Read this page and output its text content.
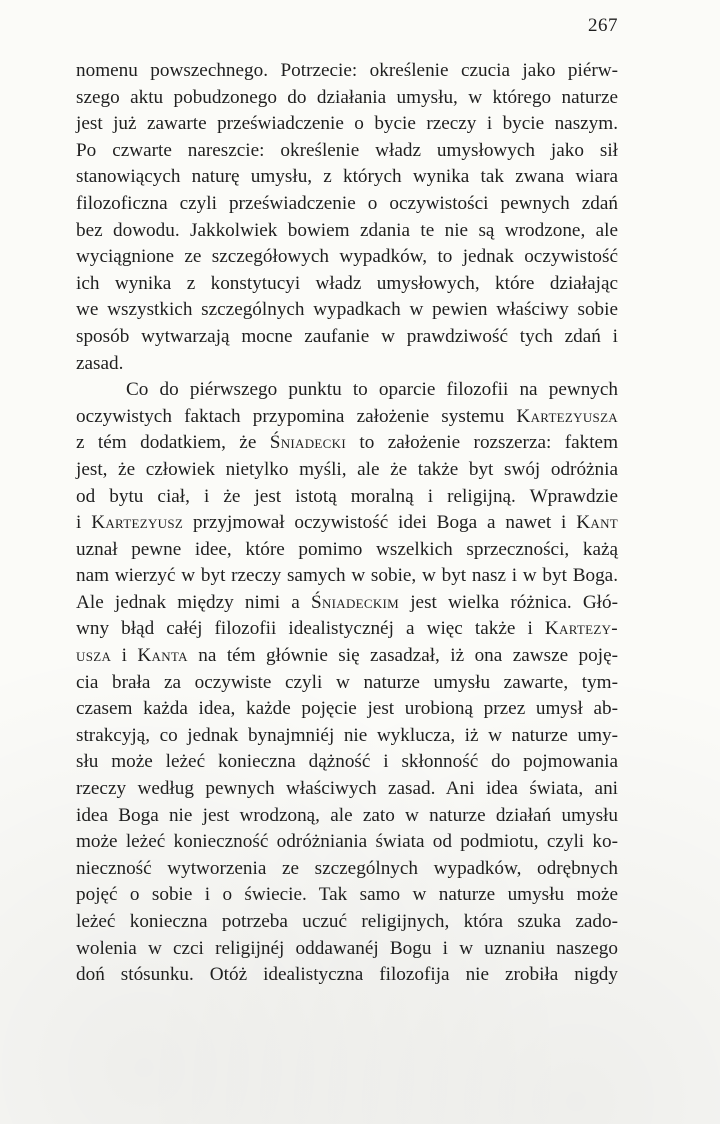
267
nomenu powszechnego. Potrzecie: określenie czucia jako piérw-
szego aktu pobudzonego do działania umysłu, w którego naturze
jest już zawarte przeświadczenie o bycie rzeczy i bycie naszym.
Po czwarte nareszcie: określenie władz umysłowych jako sił
stanowiących naturę umysłu, z których wynika tak zwana wiara
filozoficzna czyli przeświadczenie o oczywistości pewnych zdań
bez dowodu. Jakkolwiek bowiem zdania te nie są wrodzone, ale
wyciągnione ze szczegółowych wypadków, to jednak oczywistość
ich wynika z konstytucyi władz umysłowych, które działając
we wszystkich szczególnych wypadkach w pewien właściwy sobie
sposób wytwarzają mocne zaufanie w prawdziwość tych zdań i
zasad.
Co do piérwszego punktu to oparcie filozofii na pewnych
oczywistych faktach przypomina założenie systemu Kartezyusza
z tém dodatkiem, że Śniadecki to założenie rozszerza: faktem
jest, że człowiek nietylko myśli, ale że także byt swój odróżnia
od bytu ciał, i że jest istotą moralną i religijną. Wprawdzie
i Kartezyusz przyjmował oczywistość idei Boga a nawet i Kant
uznał pewne idee, które pomimo wszelkich sprzeczności, każą
nam wierzyć w byt rzeczy samych w sobie, w byt nasz i w byt Boga.
Ale jednak między nimi a Śniadeckim jest wielka różnica. Głó-
wny błąd całéj filozofii idealistycznéj a więc także i Kartezy-
usza i Kanta na tém głównie się zasadzał, iż ona zawsze poję-
cia brała za oczywiste czyli w naturze umysłu zawarte, tym-
czasem każda idea, każde pojęcie jest urobioną przez umysł ab-
strakcyją, co jednak bynajmniéj nie wyklucza, iż w naturze umy-
słu może leżeć konieczna dążność i skłonność do pojmowania
rzeczy według pewnych właściwych zasad. Ani idea świata, ani
idea Boga nie jest wrodzoną, ale zato w naturze działań umysłu
może leżeć konieczność odróżniania świata od podmiotu, czyli ko-
nieczność wytworzenia ze szczególnych wypadków, odrębnych
pojęć o sobie i o świecie. Tak samo w naturze umysłu może
leżeć konieczna potrzeba uczuć religijnych, która szuka zado-
wolenia w czci religijnéj oddawanéj Bogu i w uznaniu naszego
doń stósunku. Otóż idealistyczna filozofija nie zrobiła nigdy
